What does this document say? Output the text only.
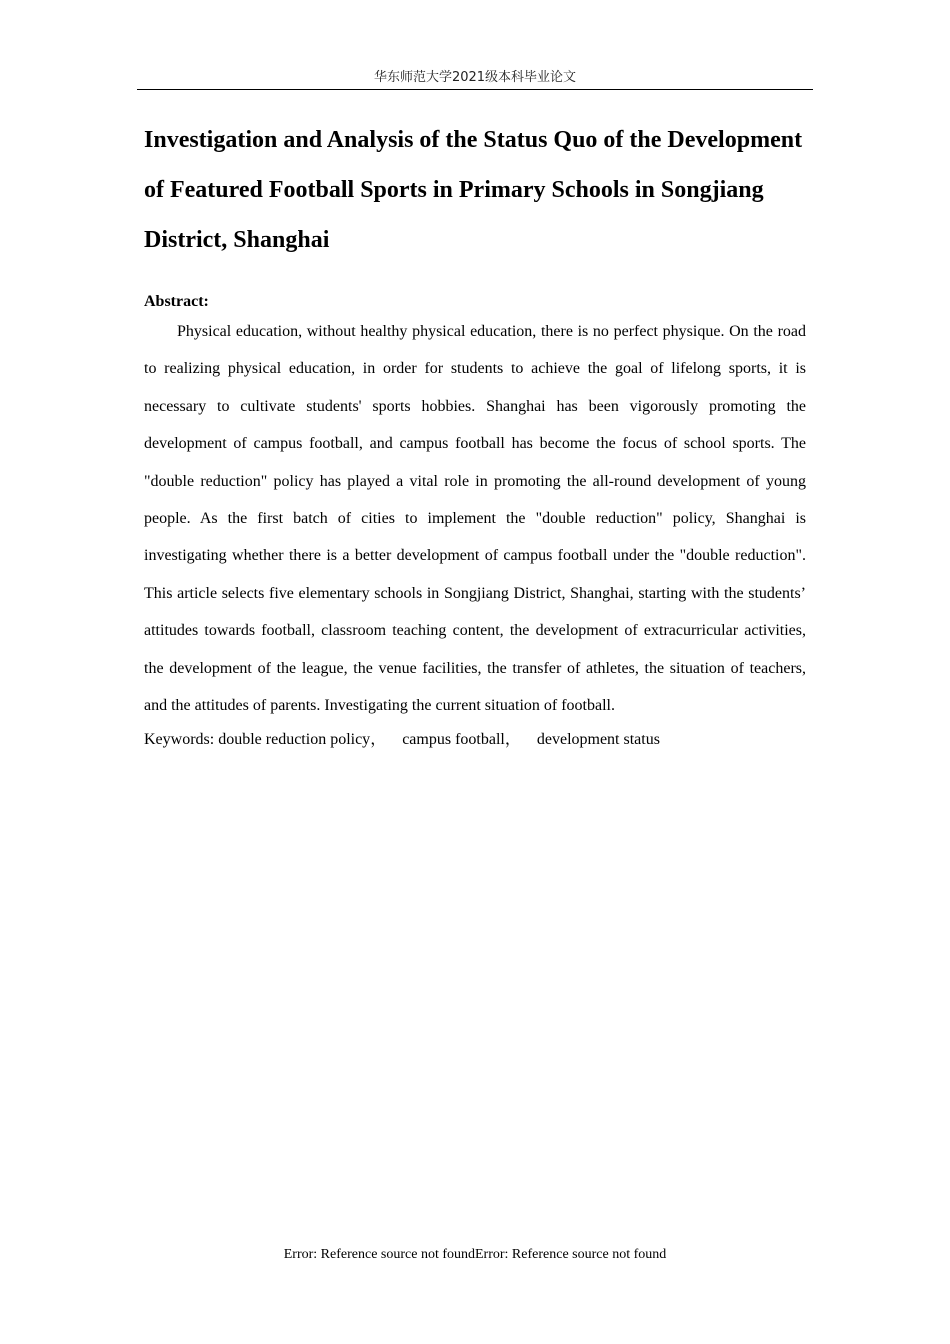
华东师范大学2021级本科毕业论文
Investigation and Analysis of the Status Quo of the Development of Featured Football Sports in Primary Schools in Songjiang District, Shanghai

Abstract:

Physical education, without healthy physical education, there is no perfect physique. On the road to realizing physical education, in order for students to achieve the goal of lifelong sports, it is necessary to cultivate students' sports hobbies. Shanghai has been vigorously promoting the development of campus football, and campus football has become the focus of school sports. The "double reduction" policy has played a vital role in promoting the all-round development of young people. As the first batch of cities to implement the "double reduction" policy, Shanghai is investigating whether there is a better development of campus football under the "double reduction". This article selects five elementary schools in Songjiang District, Shanghai, starting with the students’ attitudes towards football, classroom teaching content, the development of extracurricular activities, the development of the league, the venue facilities, the transfer of athletes, the situation of teachers, and the attitudes of parents. Investigating the current situation of football.

Keywords: double reduction policy，    campus football，    development status

Error: Reference source not foundError: Reference source not found
